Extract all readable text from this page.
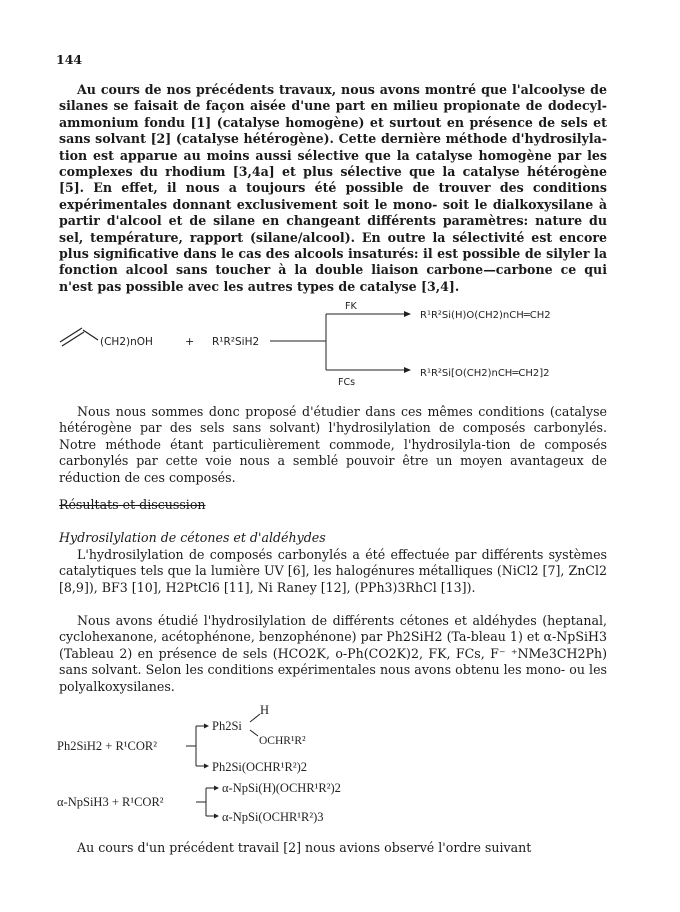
144

Au cours de nos précédents travaux, nous avons montré que l'alcoolyse de silanes se faisait de façon aisée d'une part en milieu propionate de dodecyl-ammonium fondu [1] (catalyse homogène) et surtout en présence de sels et sans solvant [2] (catalyse hétérogène). Cette dernière méthode d'hydrosilyla-tion est apparue au moins aussi sélective que la catalyse homogène par les complexes du rhodium [3,4a] et plus sélective que la catalyse hétérogène [5]. En effet, il nous a toujours été possible de trouver des conditions expérimentales donnant exclusivement soit le mono- soit le dialkoxysilane à partir d'alcool et de silane en changeant différents paramètres: nature du sel, température, rapport (silane/alcool). En outre la sélectivité est encore plus significative dans le cas des alcools insaturés: il est possible de silyler la fonction alcool sans toucher à la double liaison carbone—carbone ce qui n'est pas possible avec les autres types de catalyse [3,4].

(CH2)nOH	+ R¹R²SiH2
FK
FCs
R¹R²Si(H)O(CH2)nCH═CH2
R¹R²Si[O(CH2)nCH═CH2]2

Nous nous sommes donc proposé d'étudier dans ces mêmes conditions (catalyse hétérogène par des sels sans solvant) l'hydrosilylation de composés carbonylés. Notre méthode étant particulièrement commode, l'hydrosilyla-tion de composés carbonylés par cette voie nous a semblé pouvoir être un moyen avantageux de réduction de ces composés.

Résultats et discussion
Hydrosilylation de cétones et d'aldéhydes

L'hydrosilylation de composés carbonylés a été effectuée par différents systèmes catalytiques tels que la lumière UV [6], les halogénures métalliques (NiCl2 [7], ZnCl2 [8,9]), BF3 [10], H2PtCl6 [11], Ni Raney [12], (PPh3)3RhCl [13]).

Nous avons étudié l'hydrosilylation de différents cétones et aldéhydes (heptanal, cyclohexanone, acétophénone, benzophénone) par Ph2SiH2 (Ta-bleau 1) et α-NpSiH3 (Tableau 2) en présence de sels (HCO2K, o-Ph(CO2K)2, FK, FCs, F⁻ ⁺NMe3CH2Ph) sans solvant. Selon les conditions expérimentales nous avons obtenu les mono- ou les polyalkoxysilanes.

Ph2SiH2 + R¹COR²
Ph2Si
H
OCHR¹R²
Ph2Si(OCHR¹R²)2
α-NpSiH3 + R¹COR²
α-NpSi(H)(OCHR¹R²)2
α-NpSi(OCHR¹R²)3

Au cours d'un précédent travail [2] nous avions observé l'ordre suivant
